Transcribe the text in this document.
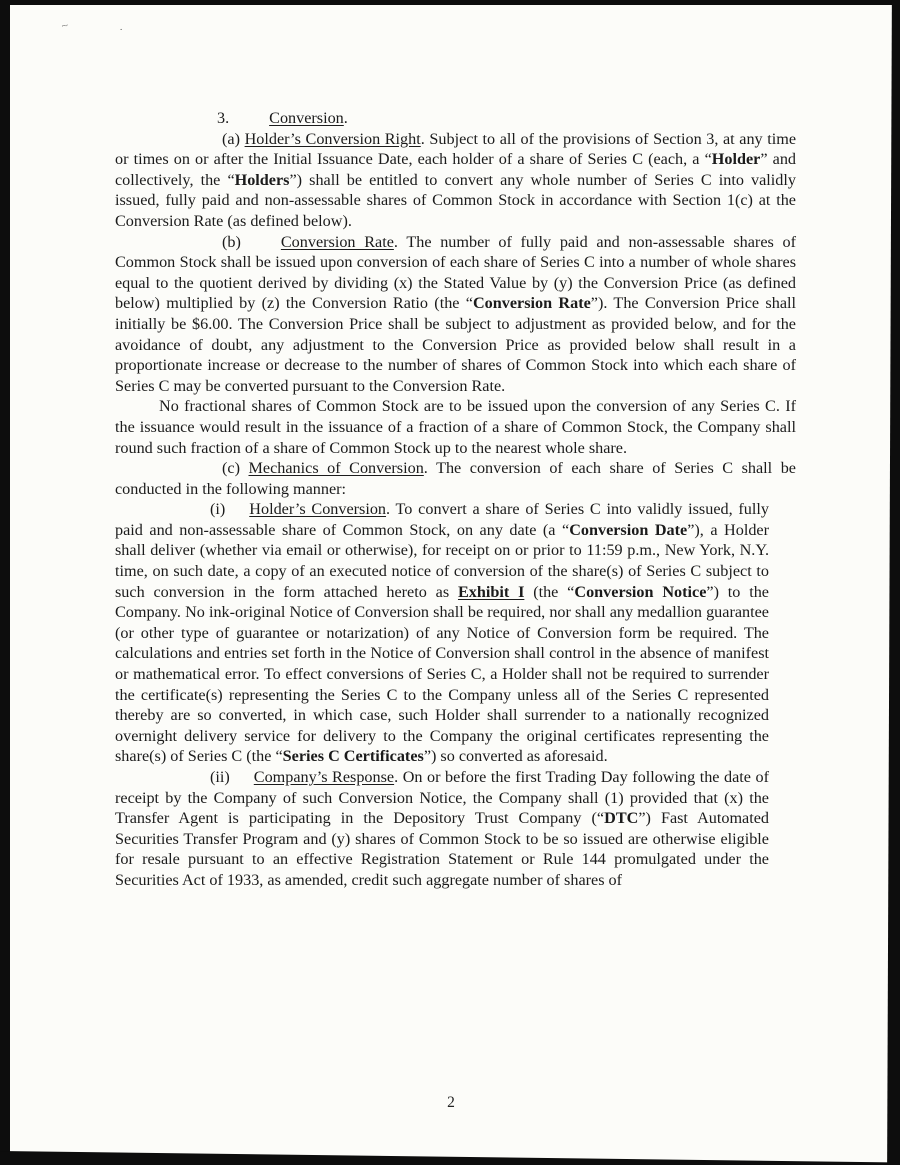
~	.

3. Conversion.

(a) Holder’s Conversion Right. Subject to all of the provisions of Section 3, at any time or times on or after the Initial Issuance Date, each holder of a share of Series C (each, a “Holder” and collectively, the “Holders”) shall be entitled to convert any whole number of Series C into validly issued, fully paid and non-assessable shares of Common Stock in accordance with Section 1(c) at the Conversion Rate (as defined below).

(b) Conversion Rate. The number of fully paid and non-assessable shares of Common Stock shall be issued upon conversion of each share of Series C into a number of whole shares equal to the quotient derived by dividing (x) the Stated Value by (y) the Conversion Price (as defined below) multiplied by (z) the Conversion Ratio (the “Conversion Rate”). The Conversion Price shall initially be $6.00. The Conversion Price shall be subject to adjustment as provided below, and for the avoidance of doubt, any adjustment to the Conversion Price as provided below shall result in a proportionate increase or decrease to the number of shares of Common Stock into which each share of Series C may be converted pursuant to the Conversion Rate.

No fractional shares of Common Stock are to be issued upon the conversion of any Series C. If the issuance would result in the issuance of a fraction of a share of Common Stock, the Company shall round such fraction of a share of Common Stock up to the nearest whole share.

(c) Mechanics of Conversion. The conversion of each share of Series C shall be conducted in the following manner:

(i) Holder’s Conversion. To convert a share of Series C into validly issued, fully paid and non-assessable share of Common Stock, on any date (a “Conversion Date”), a Holder shall deliver (whether via email or otherwise), for receipt on or prior to 11:59 p.m., New York, N.Y. time, on such date, a copy of an executed notice of conversion of the share(s) of Series C subject to such conversion in the form attached hereto as Exhibit I (the “Conversion Notice”) to the Company. No ink-original Notice of Conversion shall be required, nor shall any medallion guarantee (or other type of guarantee or notarization) of any Notice of Conversion form be required. The calculations and entries set forth in the Notice of Conversion shall control in the absence of manifest or mathematical error. To effect conversions of Series C, a Holder shall not be required to surrender the certificate(s) representing the Series C to the Company unless all of the Series C represented thereby are so converted, in which case, such Holder shall surrender to a nationally recognized overnight delivery service for delivery to the Company the original certificates representing the share(s) of Series C (the “Series C Certificates”) so converted as aforesaid.

(ii) Company’s Response. On or before the first Trading Day following the date of receipt by the Company of such Conversion Notice, the Company shall (1) provided that (x) the Transfer Agent is participating in the Depository Trust Company (“DTC”) Fast Automated Securities Transfer Program and (y) shares of Common Stock to be so issued are otherwise eligible for resale pursuant to an effective Registration Statement or Rule 144 promulgated under the Securities Act of 1933, as amended, credit such aggregate number of shares of

2
